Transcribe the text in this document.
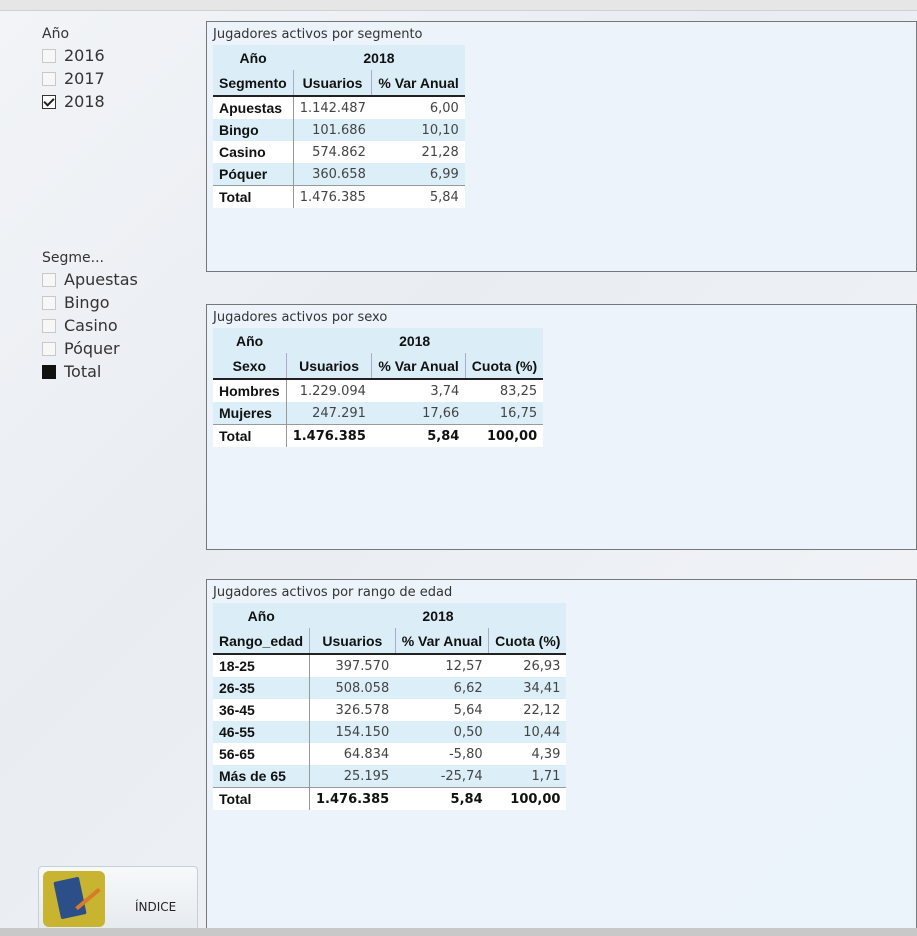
Año
2016
2017
2018
Segme...
Apuestas
Bingo
Casino
Póquer
Total
Jugadores activos por segmento
Año	2018	
Segmento	Usuarios	% Var Anual
Apuestas	1.142.487	6,00
Bingo	101.686	10,10
Casino	574.862	21,28
Póquer	360.658	6,99
Total	1.476.385	5,84
Jugadores activos por sexo
Año	2018		
Sexo	Usuarios	% Var Anual	Cuota (%)
Hombres	1.229.094	3,74	83,25
Mujeres	247.291	17,66	16,75
Total	1.476.385	5,84	100,00
Jugadores activos por rango de edad
Año	2018		
Rango_edad	Usuarios	% Var Anual	Cuota (%)
18-25	397.570	12,57	26,93
26-35	508.058	6,62	34,41
36-45	326.578	5,64	22,12
46-55	154.150	0,50	10,44
56-65	64.834	-5,80	4,39
Más de 65	25.195	-25,74	1,71
Total	1.476.385	5,84	100,00
ÍNDICE
